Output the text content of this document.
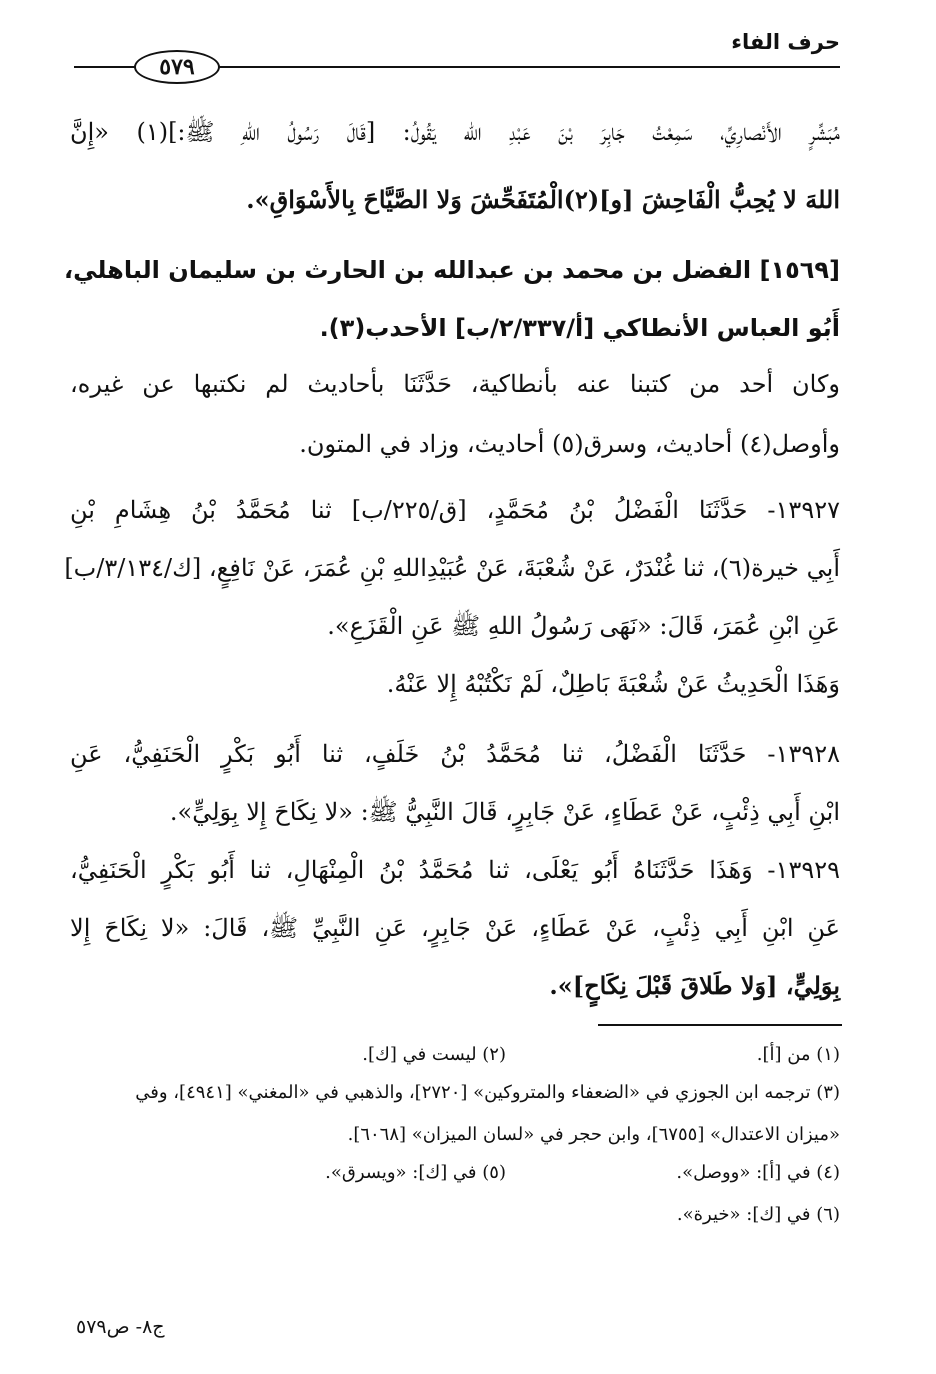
حرف الفاء
٥٧٩

مُبَشِّرٍ الأَنْصارِيِّ، سَمِعْتُ جَابِرَ بْنَ عَبْدِ الله يَقُولُ: [قَالَ رَسُولُ اللهِ ﷺ:](١) «إِنَّ

اللهَ لا يُحِبُّ الْفَاحِشَ [و](٢)الْمُتَفَحِّشَ وَلا الصَّيَّاحَ بِالأَسْوَاقِ».

[١٥٦٩] الفضل بن محمد بن عبدالله بن الحارث بن سليمان الباهلي،

أَبُو العباس الأنطاكي [أ/٢/٣٣٧/ب] الأحدب(٣).

وكان أحد من كتبنا عنه بأنطاكية، حَدَّثَنَا بأحاديث لم نكتبها عن غيره،

وأوصل(٤) أحاديث، وسرق(٥) أحاديث، وزاد في المتون.

١٣٩٢٧- حَدَّثَنَا الْفَضْلُ بْنُ مُحَمَّدٍ، [ق/٢٢٥/ب] ثنا مُحَمَّدُ بْنُ هِشَامِ بْنِ

أَبِي خيرة(٦)، ثنا غُنْدَرٌ، عَنْ شُعْبَةَ، عَنْ عُبَيْدِاللهِ بْنِ عُمَرَ، عَنْ نَافِعٍ، [ك/٣/١٣٤/ب]

عَنِ ابْنِ عُمَرَ، قَالَ: «نَهَى رَسُولُ اللهِ ﷺ عَنِ الْقَزَعِ».

وَهَذَا الْحَدِيثُ عَنْ شُعْبَةَ بَاطِلٌ، لَمْ نَكْتُبْهُ إِلا عَنْهُ.

١٣٩٢٨- حَدَّثَنَا الْفَضْلُ، ثنا مُحَمَّدُ بْنُ خَلَفٍ، ثنا أَبُو بَكْرٍ الْحَنَفِيُّ، عَنِ

ابْنِ أَبِي ذِئْبٍ، عَنْ عَطَاءٍ، عَنْ جَابِرٍ، قَالَ النَّبِيُّ ﷺ: «لا نِكَاحَ إِلا بِوَلِيٍّ».

١٣٩٢٩- وَهَذَا حَدَّثَنَاهُ أَبُو يَعْلَى، ثنا مُحَمَّدُ بْنُ الْمِنْهَالِ، ثنا أَبُو بَكْرٍ الْحَنَفِيُّ،

عَنِ ابْنِ أَبِي ذِئْبٍ، عَنْ عَطَاءٍ، عَنْ جَابِرٍ، عَنِ النَّبِيِّ ﷺ، قَالَ: «لا نِكَاحَ إِلا

بِوَلِيٍّ، [وَلا طَلاقَ قَبْلَ نِكَاحٍ]».

(١) من [أ].
(٢) ليست في [ك].
(٣) ترجمه ابن الجوزي في «الضعفاء والمتروكين» [٢٧٢٠]، والذهبي في «المغني» [٤٩٤١]، وفي
«ميزان الاعتدال» [٦٧٥٥]، وابن حجر في «لسان الميزان» [٦٠٦٨].
(٤) في [أ]: «ووصل».
(٥) في [ك]: «ويسرق».
(٦) في [ك]: «خيرة».
ج٨- ص٥٧٩
